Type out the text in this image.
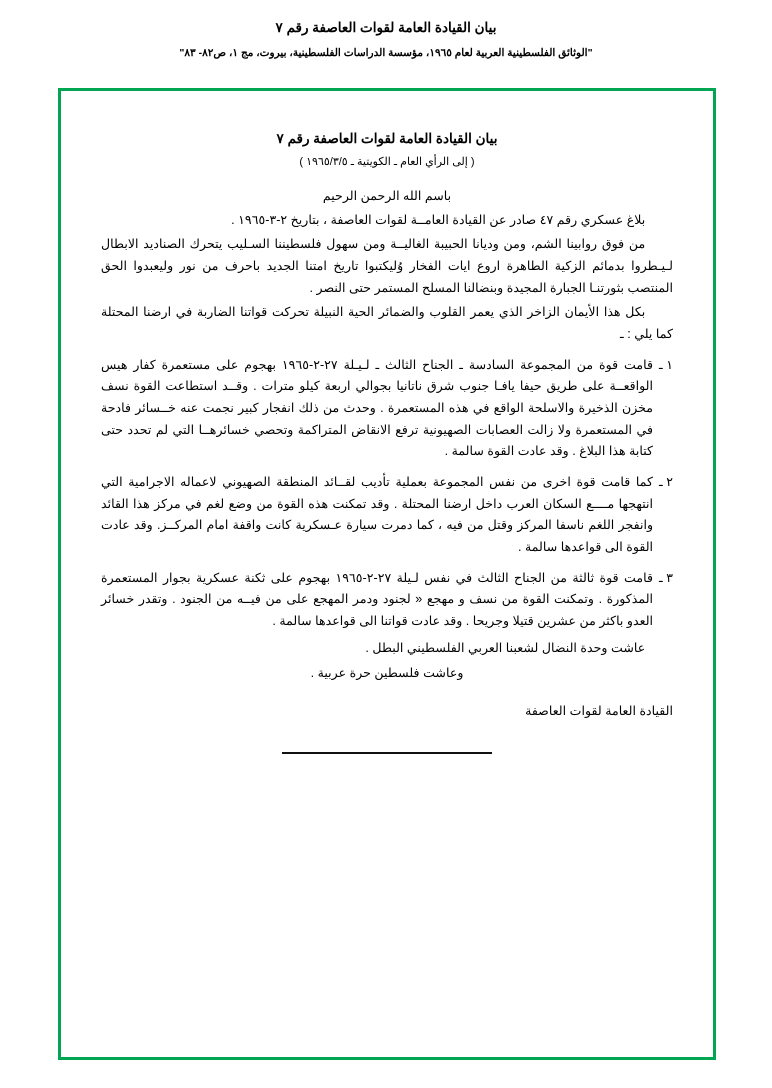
بيان القيادة العامة لقوات العاصفة رقم ٧
"الوثائق الفلسطينية العربية لعام ١٩٦٥، مؤسسة الدراسات الفلسطينية، بيروت، مج ١، ص٨٢- ٨٣"
بيان القيادة العامة لقوات العاصفة رقم ٧
( إلى الرأي العام ـ الكويتية ـ ١٩٦٥/٣/٥ )
باسم الله الرحمن الرحيم
بلاغ عسكري رقم ٤٧ صادر عن القيادة العامــة لقوات العاصفة ، بتاريخ ٢-٣-١٩٦٥ .
من فوق روابينا الشم، ومن وديانا الحبيبة الغاليــة ومن سهول فلسطيننا السـليب يتحرك الصناديد الابطال لـيـطروا بدمائم الزكية الطاهرة اروع ايات الفخار وُليكتبوا تاريخ امتنا الجديد باحرف من نور وليعبدوا الحق المنتصب بثورتنـا الجبارة المجيدة وبنضالنا المسلح المستمر حتى النصر .
بكل هذا الأيمان الزاخر الذي يعمر القلوب والضمائر الحية النبيلة تحركت قواتنا الضاربة في ارضنا المحتلة كما يلي : ـ
١ ـ
قامت قوة من المجموعة السادسة ـ الجناح الثالث ـ لـيـلة ٢٧-٢-١٩٦٥ بهجوم على مستعمرة كفار هيس الواقعــة على طريق حيفا يافـا جنوب شرق ناتانيا بجوالي اربعة كيلو مترات . وقــد استطاعت القوة نسف مخزن الذخيرة والاسلحة الواقع في هذه المستعمرة . وحدث من ذلك انفجار كبير نجمت عنه خــسائر فادحة في المستعمرة ولا زالت العصابات الصهيونية ترفع الانقاض المتراكمة وتحصي خسائرهــا التي لم تحدد حتى كتابة هذا البلاغ . وقد عادت القوة سالمة .
٢ ـ
كما قامت قوة اخرى من نفس المجموعة بعملية تأديب لقــائد المنطقة الصهيوني لاعماله الاجرامية التي انتهجها مــــع السكان العرب داخل ارضنا المحتلة . وقد تمكنت هذه القوة من وضع لغم في مركز هذا القائد وانفجر اللغم ناسفا المركز وقتل من فيه ، كما دمرت سيارة عـسكرية كانت واقفة امام المركــز. وقد عادت القوة الى قواعدها سالمة .
٣ ـ
قامت قوة ثالثة من الجناح الثالث في نفس لـيلة ٢٧-٢-١٩٦٥ بهجوم على ثكنة عسكرية بجوار المستعمرة المذكورة . وتمكنت القوة من نسف و مهجع « لجنود ودمر المهجع على من فيــه من الجنود . وتقدر خسائر العدو باكثر من عشرين قتيلا وجريحا . وقد عادت قواتنا الى قواعدها سالمة .
عاشت وحدة النضال لشعبنا العربي الفلسطيني البطل .
وعاشت فلسطين حرة عربية .
القيادة العامة لقوات العاصفة
